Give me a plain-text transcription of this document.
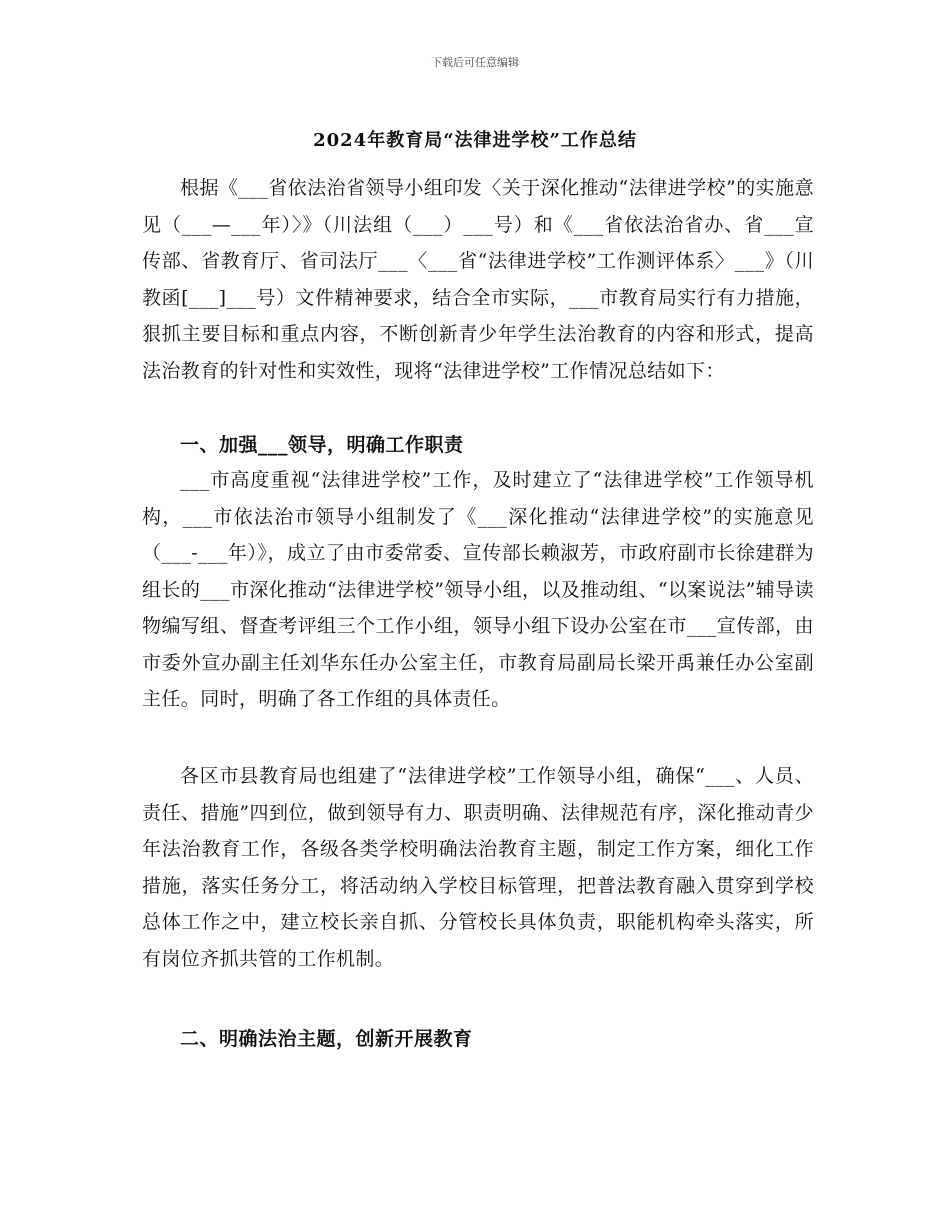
下载后可任意编辑
2024年教育局“法律进学校”工作总结

根据《___省依法治省领导小组印发〈关于深化推动“法律进学校”的实施意见（___—___年）〉》（川法组（___）___号）和《___省依法治省办、省___宣传部、省教育厅、省司法厅___〈___省“法律进学校”工作测评体系〉___》（川教函[___]___号）文件精神要求，结合全市实际，___市教育局实行有力措施，狠抓主要目标和重点内容，不断创新青少年学生法治教育的内容和形式，提高法治教育的针对性和实效性，现将“法律进学校”工作情况总结如下：

一、加强___领导，明确工作职责

___市高度重视“法律进学校”工作，及时建立了“法律进学校”工作领导机构，___市依法治市领导小组制发了《___深化推动“法律进学校”的实施意见（___-___年）》，成立了由市委常委、宣传部长赖淑芳，市政府副市长徐建群为组长的___市深化推动“法律进学校”领导小组，以及推动组、“以案说法”辅导读物编写组、督查考评组三个工作小组，领导小组下设办公室在市___宣传部，由市委外宣办副主任刘华东任办公室主任，市教育局副局长梁开禹兼任办公室副主任。同时，明确了各工作组的具体责任。

各区市县教育局也组建了“法律进学校”工作领导小组，确保“___、人员、责任、措施”四到位，做到领导有力、职责明确、法律规范有序，深化推动青少年法治教育工作，各级各类学校明确法治教育主题，制定工作方案，细化工作措施，落实任务分工，将活动纳入学校目标管理，把普法教育融入贯穿到学校总体工作之中，建立校长亲自抓、分管校长具体负责，职能机构牵头落实，所有岗位齐抓共管的工作机制。

二、明确法治主题，创新开展教育
